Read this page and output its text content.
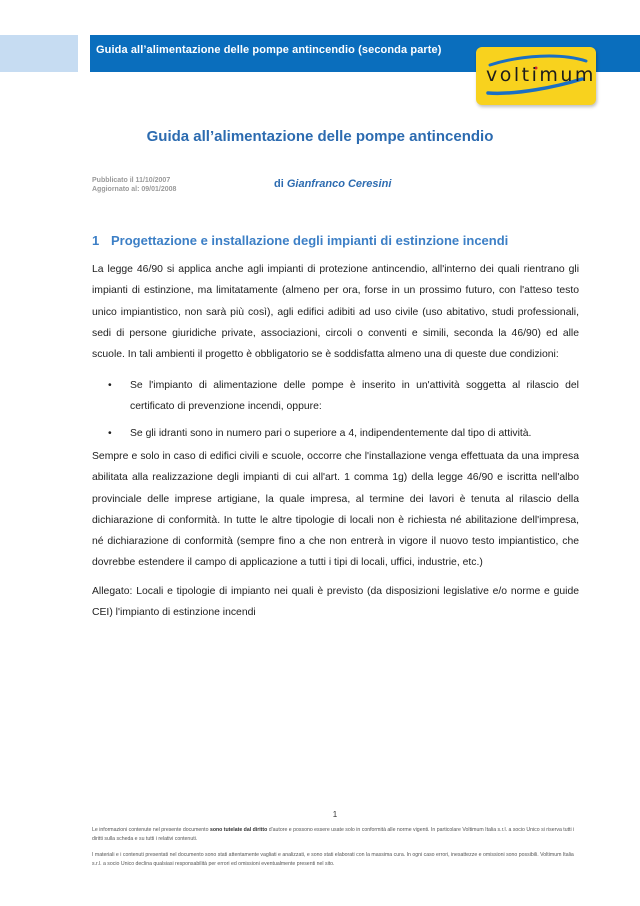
Guida all’alimentazione delle pompe antincendio (seconda parte)
voltimum
Guida all’alimentazione delle pompe antincendio
Pubblicato il 11/10/2007
Aggiornato al: 09/01/2008	di Gianfranco Ceresini
1 Progettazione e installazione degli impianti di estinzione incendi
La legge 46/90 si applica anche agli impianti di protezione antincendio, all'interno dei quali rientrano gli impianti di estinzione, ma limitatamente (almeno per ora, forse in un prossimo futuro, con l'atteso testo unico impiantistico, non sarà più così), agli edifici adibiti ad uso civile (uso abitativo, studi professionali, sedi di persone giuridiche private, associazioni, circoli o conventi e simili, seconda la 46/90) ed alle scuole. In tali ambienti il progetto è obbligatorio se è soddisfatta almeno una di queste due condizioni:
• Se l'impianto di alimentazione delle pompe è inserito in un'attività soggetta al rilascio del certificato di prevenzione incendi, oppure:
• Se gli idranti sono in numero pari o superiore a 4, indipendentemente dal tipo di attività.
Sempre e solo in caso di edifici civili e scuole, occorre che l'installazione venga effettuata da una impresa abilitata alla realizzazione degli impianti di cui all'art. 1 comma 1g) della legge 46/90 e iscritta nell'albo provinciale delle imprese artigiane, la quale impresa, al termine dei lavori è tenuta al rilascio della dichiarazione di conformità. In tutte le altre tipologie di locali non è richiesta né abilitazione dell'impresa, né dichiarazione di conformità (sempre fino a che non entrerà in vigore il nuovo testo impiantistico, che dovrebbe estendere il campo di applicazione a tutti i tipi di locali, uffici, industrie, etc.)
Allegato: Locali e tipologie di impianto nei quali è previsto (da disposizioni legislative e/o norme e guide CEI) l'impianto di estinzione incendi
1
Le informazioni contenute nel presente documento sono tutelate dal diritto d'autore e possono essere usate solo in conformità alle norme vigenti. In particolare Voltimum Italia s.r.l. a socio Unico si riserva tutti i diritti sulla scheda e su tutti i relativi contenuti.
I materiali e i contenuti presentati nel documento sono stati attentamente vagliati e analizzati, e sono stati elaborati con la massima cura. In ogni caso errori, inesattezze e omissioni sono possibili. Voltimum Italia s.r.l. a socio Unico declina qualsiasi responsabilità per errori ed omissioni eventualmente presenti nel sito.
